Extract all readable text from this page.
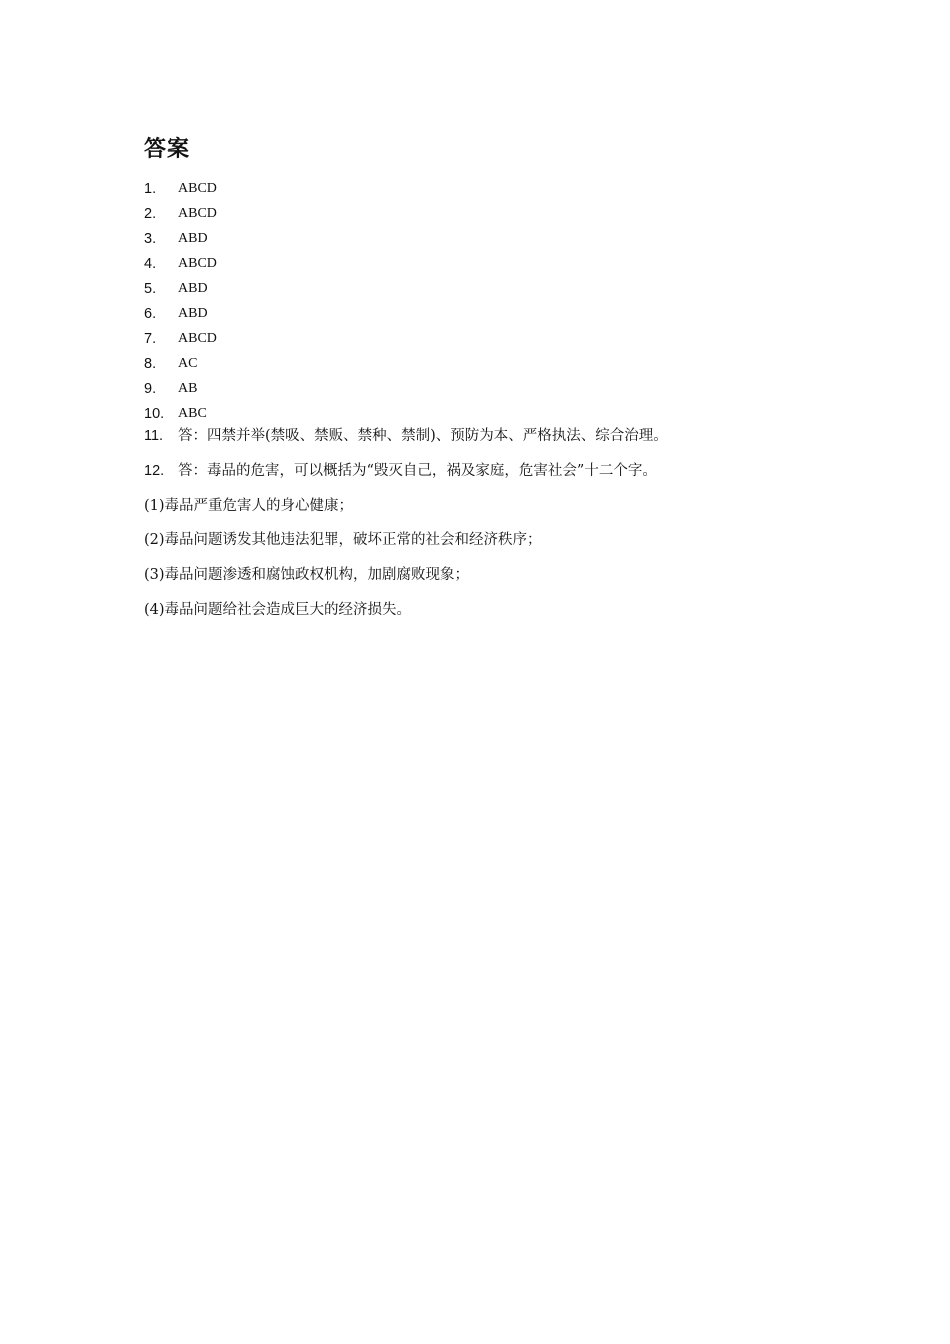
答案
1.	ABCD
2.	ABCD
3.	ABD
4.	ABCD
5.	ABD
6.	ABD
7.	ABCD
8.	AC
9.	AB
10. ABC
11. 答：四禁并举(禁吸、禁贩、禁种、禁制)、预防为本、严格执法、综合治理。
12. 答：毒品的危害，可以概括为“毁灭自己，祸及家庭，危害社会”十二个字。
(1)毒品严重危害人的身心健康；
(2)毒品问题诱发其他违法犯罪，破坏正常的社会和经济秩序；
(3)毒品问题渗透和腐蚀政权机构，加剧腐败现象；
(4)毒品问题给社会造成巨大的经济损失。
